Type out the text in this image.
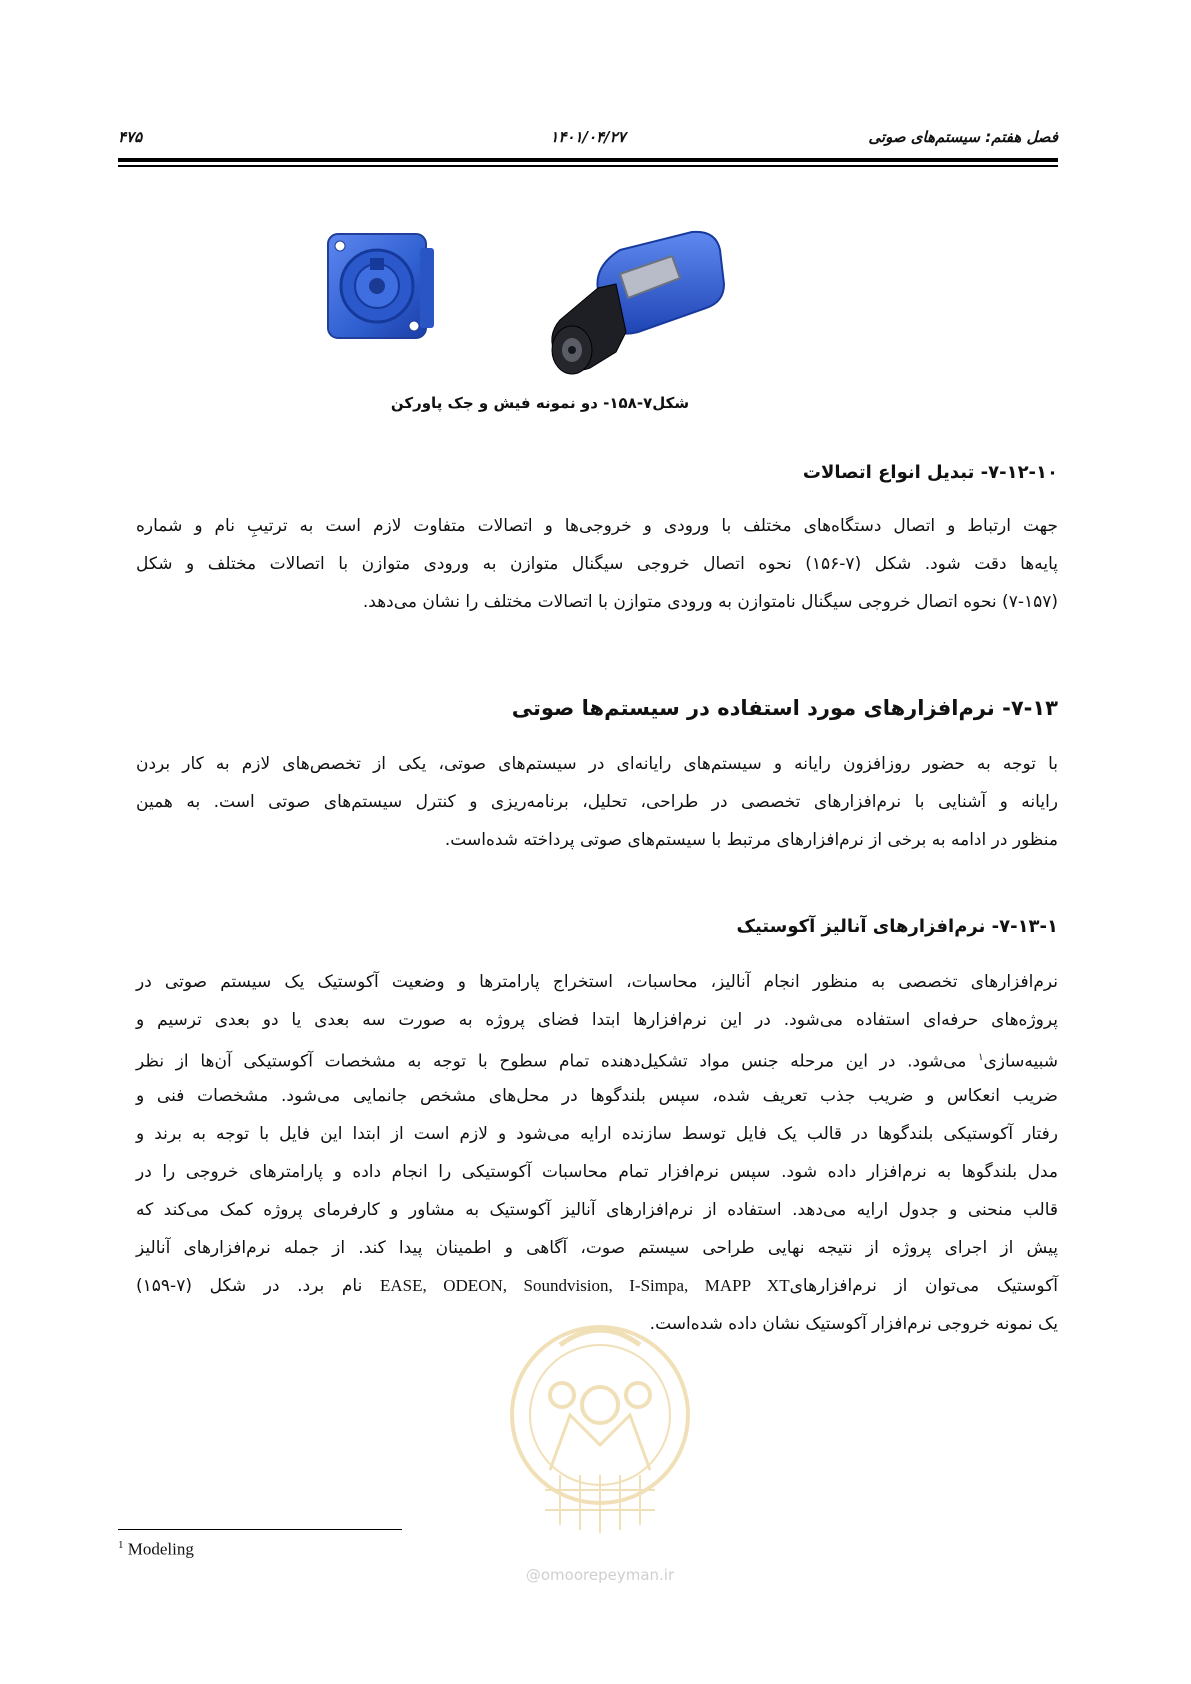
فصل هفتم: سیستم‌های صوتی
۱۴۰۱/۰۴/۲۷
۴۷۵
شکل۷-۱۵۸- دو نمونه فیش و جک پاورکن
۷-۱۲-۱۰- تبدیل انواع اتصالات
جهت ارتباط و اتصال دستگاه‌های مختلف با ورودی و خروجی‌ها و اتصالات متفاوت لازم است به ترتیبِ نام و شماره
پایه‌ها دقت شود. شکل (۷-۱۵۶) نحوه اتصال خروجی سیگنال متوازن به ورودی متوازن با اتصالات مختلف و شکل
(۷-۱۵۷) نحوه اتصال خروجی سیگنال نامتوازن به ورودی متوازن با اتصالات مختلف را نشان می‌دهد.
۷-۱۳- نرم‌افزارهای مورد استفاده در سیستم‌ها صوتی
با توجه به حضور روزافزون رایانه و سیستم‌های رایانه‌ای در سیستم‌های صوتی، یکی از تخصص‌های لازم به کار بردن
رایانه و آشنایی با نرم‌افزارهای تخصصی در طراحی، تحلیل، برنامه‌ریزی و کنترل سیستم‌های صوتی است. به همین
منظور در ادامه به برخی از نرم‌افزارهای مرتبط با سیستم‌های صوتی پرداخته شده‌است.
۷-۱۳-۱- نرم‌افزارهای آنالیز آکوستیک
نرم‌افزارهای تخصصی به منظور انجام آنالیز، محاسبات، استخراج پارامترها و وضعیت آکوستیک یک سیستم صوتی در
پروژه‌های حرفه‌ای استفاده می‌شود. در این نرم‌افزارها ابتدا فضای پروژه به صورت سه بعدی یا دو بعدی ترسیم و
شبیه‌سازی$^۱$ می‌شود. در این مرحله جنس مواد تشکیل‌دهنده تمام سطوح با توجه به مشخصات آکوستیکی آن‌ها از نظر
ضریب انعکاس و ضریب جذب تعریف شده، سپس بلندگوها در محل‌های مشخص جانمایی می‌شود. مشخصات فنی و
رفتار آکوستیکی بلندگوها در قالب یک فایل توسط سازنده ارایه می‌شود و لازم است از ابتدا این فایل با توجه به برند و
مدل بلندگوها به نرم‌افزار داده شود. سپس نرم‌افزار تمام محاسبات آکوستیکی را انجام داده و پارامترهای خروجی را در
قالب منحنی و جدول ارایه می‌دهد. استفاده از نرم‌افزارهای آنالیز آکوستیک به مشاور و کارفرمای پروژه کمک می‌کند که
پیش از اجرای پروژه از نتیجه نهایی طراحی سیستم صوت، آگاهی و اطمینان پیدا کند. از جمله نرم‌افزارهای آنالیز
آکوستیک می‌توان از نرم‌افزارهایEASE, ODEON, Soundvision, I-Simpa, MAPP XT نام برد. در شکل (۷-۱۵۹)
یک نمونه خروجی نرم‌افزار آکوستیک نشان داده شده‌است.
@omoorepeyman.ir
$^1$ Modeling
